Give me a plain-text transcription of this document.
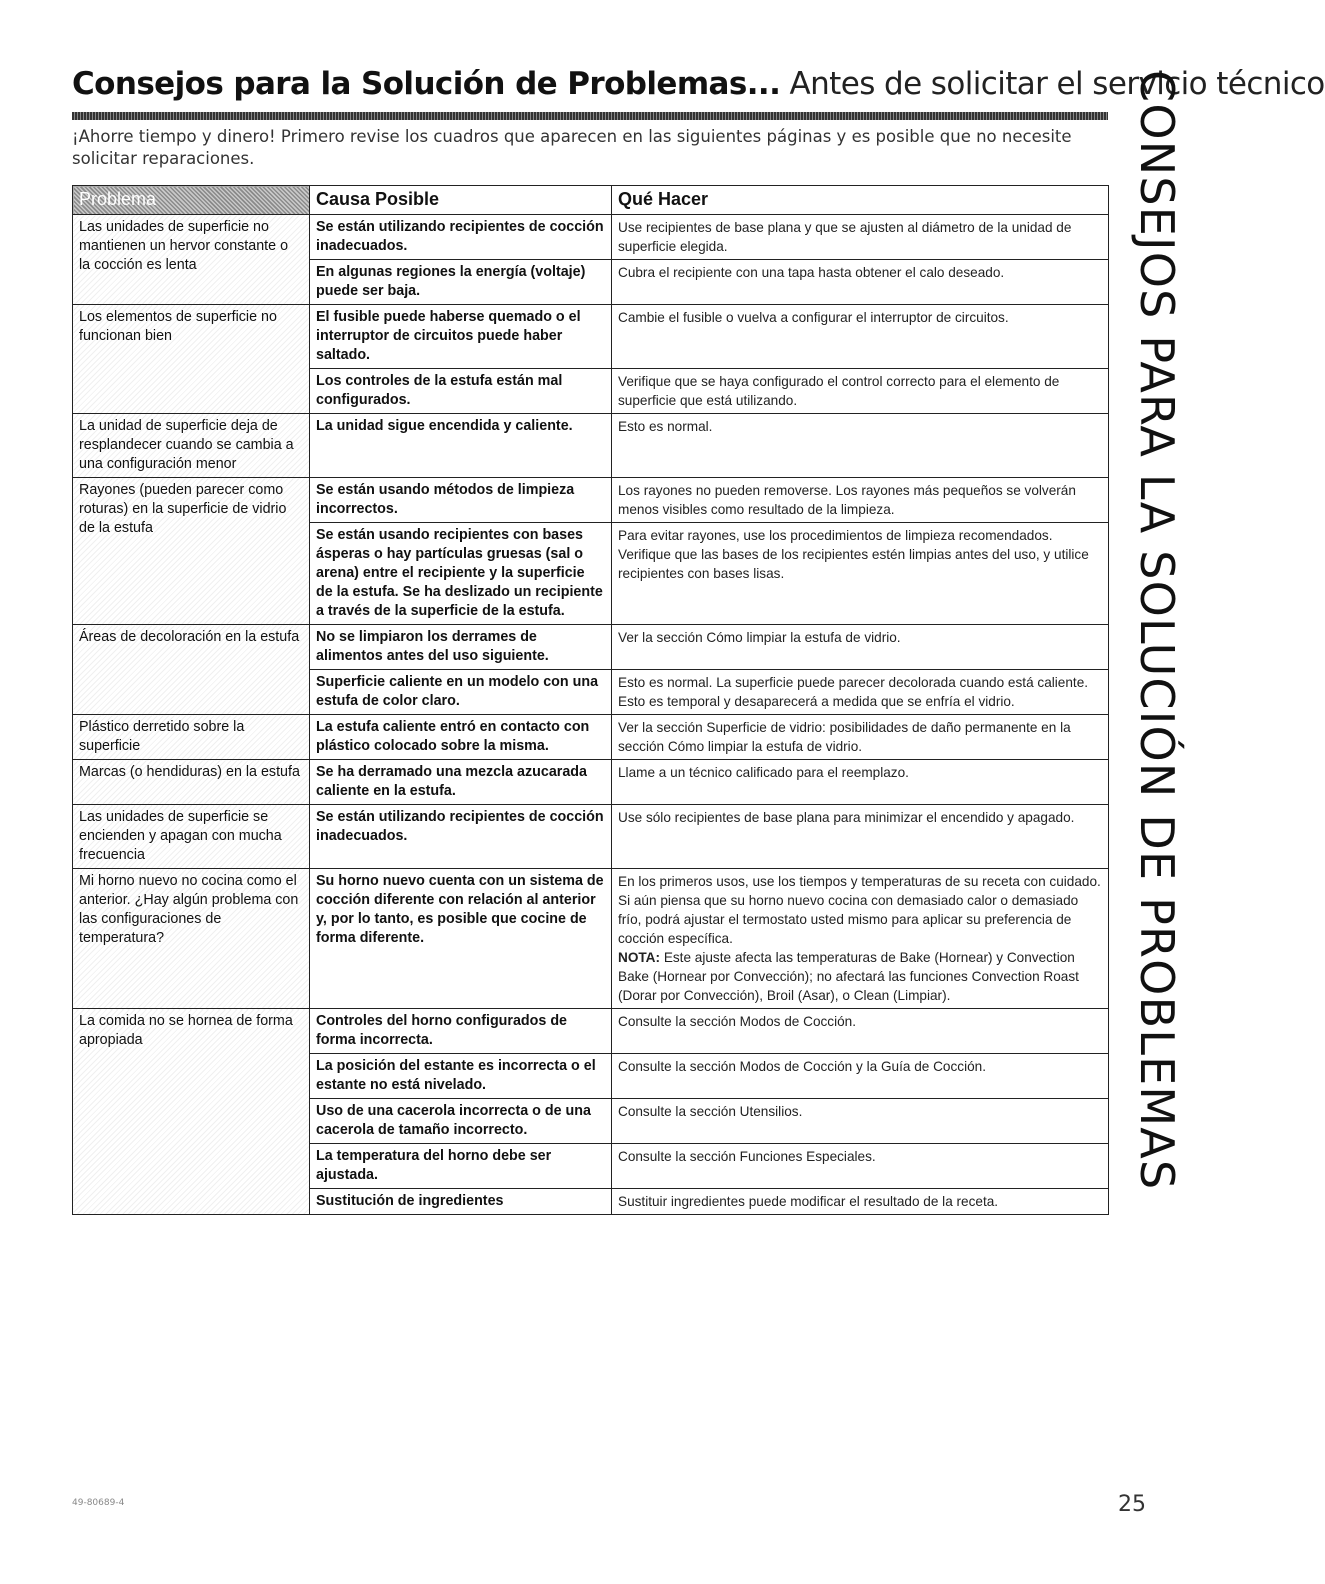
Consejos para la Solución de Problemas... Antes de solicitar el servicio técnico
¡Ahorre tiempo y dinero! Primero revise los cuadros que aparecen en las siguientes páginas y es posible que no necesite solicitar reparaciones.	CONSEJOS PARA LA SOLUCIÓN DE PROBLEMAS
Problema	Causa Posible	Qué Hacer
Las unidades de superficie no mantienen un hervor constante o la cocción es lenta	Se están utilizando recipientes de cocción inadecuados.	Use recipientes de base plana y que se ajusten al diámetro de la unidad de superficie elegida.
	En algunas regiones la energía (voltaje) puede ser baja.	Cubra el recipiente con una tapa hasta obtener el calo deseado.
Los elementos de superficie no funcionan bien	El fusible puede haberse quemado o el interruptor de circuitos puede haber saltado.	Cambie el fusible o vuelva a configurar el interruptor de circuitos.
	Los controles de la estufa están mal configurados.	Verifique que se haya configurado el control correcto para el elemento de superficie que está utilizando.
La unidad de superficie deja de resplandecer cuando se cambia a una configuración menor	La unidad sigue encendida y caliente.	Esto es normal.
Rayones (pueden parecer como roturas) en la superficie de vidrio de la estufa	Se están usando métodos de limpieza incorrectos.	Los rayones no pueden removerse. Los rayones más pequeños se volverán menos visibles como resultado de la limpieza.
	Se están usando recipientes con bases ásperas o hay partículas gruesas (sal o arena) entre el recipiente y la superficie de la estufa. Se ha deslizado un recipiente a través de la superficie de la estufa.	Para evitar rayones, use los procedimientos de limpieza recomendados. Verifique que las bases de los recipientes estén limpias antes del uso, y utilice recipientes con bases lisas.
Áreas de decoloración en la estufa	No se limpiaron los derrames de alimentos antes del uso siguiente.	Ver la sección Cómo limpiar la estufa de vidrio.
	Superficie caliente en un modelo con una estufa de color claro.	Esto es normal. La superficie puede parecer decolorada cuando está caliente. Esto es temporal y desaparecerá a medida que se enfría el vidrio.
Plástico derretido sobre la superficie	La estufa caliente entró en contacto con plástico colocado sobre la misma.	Ver la sección Superficie de vidrio: posibilidades de daño permanente en la sección Cómo limpiar la estufa de vidrio.
Marcas (o hendiduras) en la estufa	Se ha derramado una mezcla azucarada caliente en la estufa.	Llame a un técnico calificado para el reemplazo.
Las unidades de superficie se encienden y apagan con mucha frecuencia	Se están utilizando recipientes de cocción inadecuados.	Use sólo recipientes de base plana para minimizar el encendido y apagado.
Mi horno nuevo no cocina como el anterior. ¿Hay algún problema con las configuraciones de temperatura?	Su horno nuevo cuenta con un sistema de cocción diferente con relación al anterior y, por lo tanto, es posible que cocine de forma diferente.	En los primeros usos, use los tiempos y temperaturas de su receta con cuidado. Si aún piensa que su horno nuevo cocina con demasiado calor o demasiado frío, podrá ajustar el termostato usted mismo para aplicar su preferencia de cocción específica.
NOTA: Este ajuste afecta las temperaturas de Bake (Hornear) y Convection Bake (Hornear por Convección); no afectará las funciones Convection Roast (Dorar por Convección), Broil (Asar), o Clean (Limpiar).
La comida no se hornea de forma apropiada	Controles del horno configurados de forma incorrecta.	Consulte la sección Modos de Cocción.
	La posición del estante es incorrecta o el estante no está nivelado.	Consulte la sección Modos de Cocción y la Guía de Cocción.
	Uso de una cacerola incorrecta o de una cacerola de tamaño incorrecto.	Consulte la sección Utensilios.
	La temperatura del horno debe ser ajustada.	Consulte la sección Funciones Especiales.
	Sustitución de ingredientes	Sustituir ingredientes puede modificar el resultado de la receta.
49-80689-4	25
